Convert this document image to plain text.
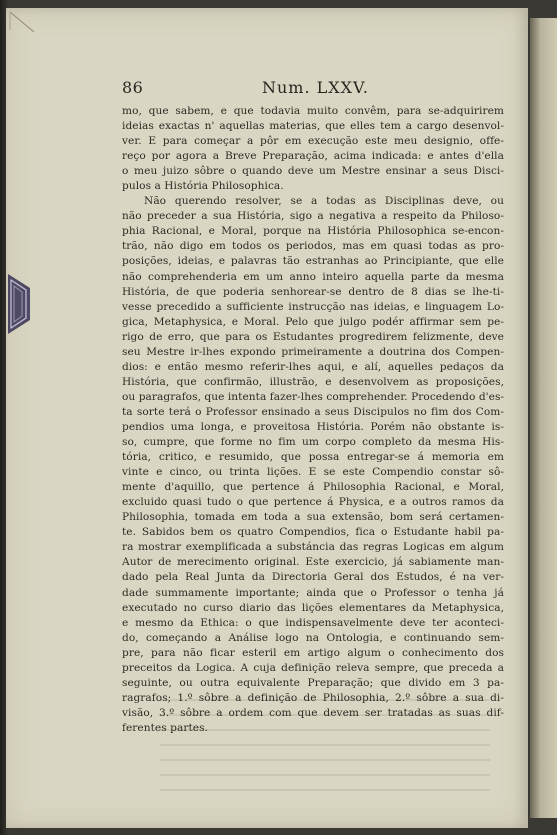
86	Num. LXXV.
mo, que sabem, e que todavia muito convêm, para se-adquirirem
ideias exactas n' aquellas materias, que elles tem a cargo desenvol-
ver. E para começar a pôr em execução este meu designio, offe-
reço por agora a Breve Preparação, acima indicada: e antes d'ella
o meu juizo sôbre o quando deve um Mestre ensinar a seus Disci-
pulos a História Philosophica.
Não querendo resolver, se a todas as Disciplinas deve, ou
não preceder a sua História, sigo a negativa a respeito da Philoso-
phia Racional, e Moral, porque na História Philosophica se-encon-
trão, não digo em todos os periodos, mas em quasi todas as pro-
posições, ideias, e palavras tão estranhas ao Principiante, que elle
não comprehenderia em um anno inteiro aquella parte da mesma
História, de que poderia senhorear-se dentro de 8 dias se lhe-ti-
vesse precedido a sufficiente instrucção nas ideias, e linguagem Lo-
gica, Metaphysica, e Moral. Pelo que julgo podér affirmar sem pe-
rigo de erro, que para os Estudantes progredirem felizmente, deve
seu Mestre ir-lhes expondo primeiramente a doutrina dos Compen-
dios: e então mesmo referir-lhes aqui, e alí, aquelles pedaços da
História, que confirmão, illustrão, e desenvolvem as proposições,
ou paragrafos, que intenta fazer-lhes comprehender. Procedendo d'es-
ta sorte terá o Professor ensinado a seus Discipulos no fim dos Com-
pendios uma longa, e proveitosa História. Porém não obstante is-
so, cumpre, que forme no fim um corpo completo da mesma His-
tória, critico, e resumido, que possa entregar-se á memoria em
vinte e cinco, ou trinta lições. E se este Compendio constar sô-
mente d'aquillo, que pertence á Philosophia Racional, e Moral,
excluido quasi tudo o que pertence á Physica, e a outros ramos da
Philosophia, tomada em toda a sua extensão, bom será certamen-
te. Sabidos bem os quatro Compendios, fica o Estudante habil pa-
ra mostrar exemplificada a substáncia das regras Logicas em algum
Autor de merecimento original. Este exercicio, já sabiamente man-
dado pela Real Junta da Directoria Geral dos Estudos, é na ver-
dade summamente importante; ainda que o Professor o tenha já
executado no curso diario das lições elementares da Metaphysica,
e mesmo da Ethica: o que indispensavelmente deve ter aconteci-
do, começando a Análise logo na Ontologia, e continuando sem-
pre, para não ficar esteril em artigo algum o conhecimento dos
preceitos da Logica. A cuja definição releva sempre, que preceda a
seguinte, ou outra equivalente Preparação; que divido em 3 pa-
ragrafos; 1.º sôbre a definição de Philosophia, 2.º sôbre a sua di-
visão, 3.º sôbre a ordem com que devem ser tratadas as suas dif-
ferentes partes.
